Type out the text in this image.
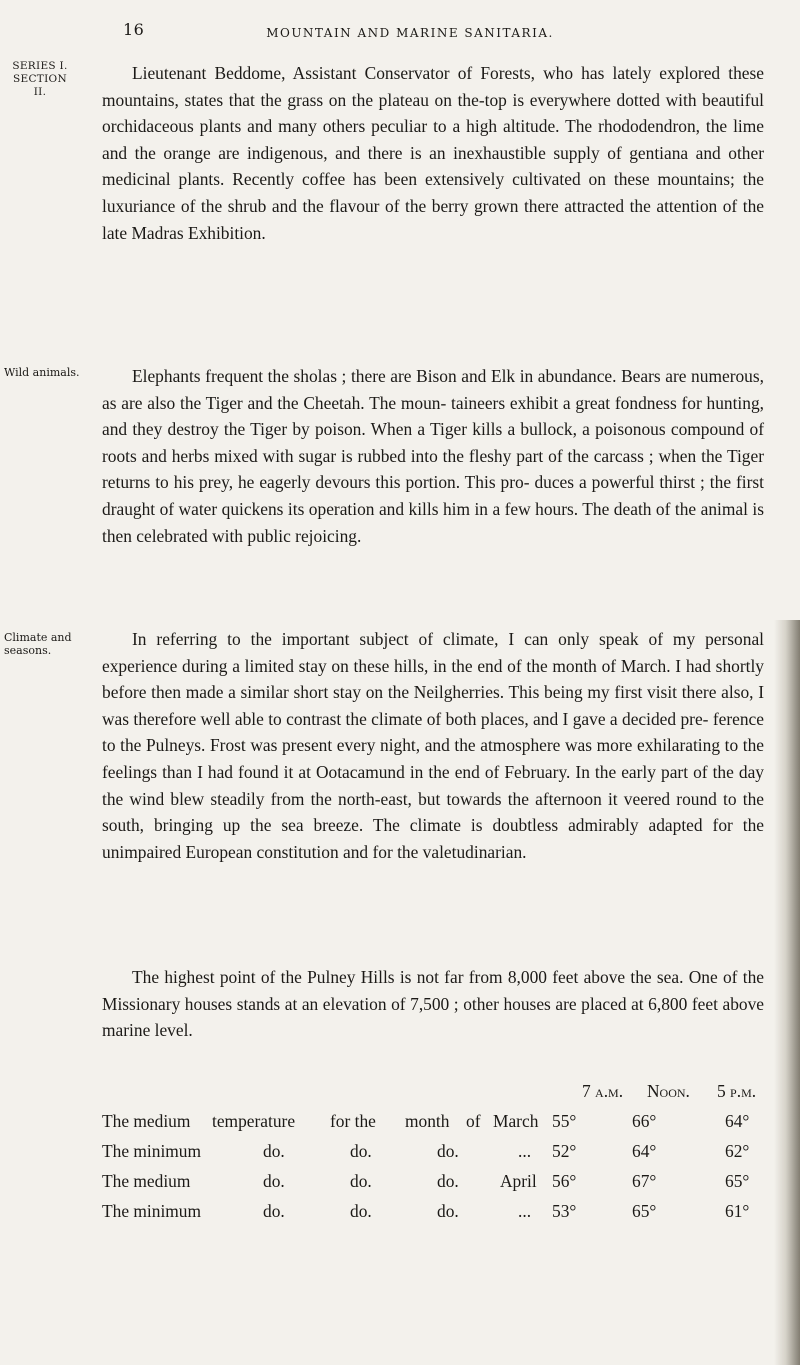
16	MOUNTAIN AND MARINE SANITARIA.
SERIES I.
SECTION II.
Wild animals.
Climate and seasons.

Lieutenant Beddome, Assistant Conservator of Forests, who has lately explored these mountains, states that the grass on the plateau on the-top is everywhere dotted with beautiful orchidaceous plants and many others peculiar to a high altitude. The rhododendron, the lime and the orange are indigenous, and there is an inexhaustible supply of gentiana and other medicinal plants. Recently coffee has been extensively cultivated on these mountains; the luxuriance of the shrub and the flavour of the berry grown there attracted the attention of the late Madras Exhibition.

Elephants frequent the sholas ; there are Bison and Elk in abundance. Bears are numerous, as are also the Tiger and the Cheetah. The moun- taineers exhibit a great fondness for hunting, and they destroy the Tiger by poison. When a Tiger kills a bullock, a poisonous compound of roots and herbs mixed with sugar is rubbed into the fleshy part of the carcass ; when the Tiger returns to his prey, he eagerly devours this portion. This pro- duces a powerful thirst ; the first draught of water quickens its operation and kills him in a few hours. The death of the animal is then celebrated with public rejoicing.

In referring to the important subject of climate, I can only speak of my personal experience during a limited stay on these hills, in the end of the month of March. I had shortly before then made a similar short stay on the Neilgherries. This being my first visit there also, I was therefore well able to contrast the climate of both places, and I gave a decided pre- ference to the Pulneys. Frost was present every night, and the atmosphere was more exhilarating to the feelings than I had found it at Ootacamund in the end of February. In the early part of the day the wind blew steadily from the north-east, but towards the afternoon it veered round to the south, bringing up the sea breeze. The climate is doubtless admirably adapted for the unimpaired European constitution and for the valetudinarian.

The highest point of the Pulney Hills is not far from 8,000 feet above the sea. One of the Missionary houses stands at an elevation of 7,500 ; other houses are placed at 6,800 feet above marine level.

7 a.m. Noon. 5 p.m.
The medium temperature for the month of March 55°	66°	64°
The minimum	do.	do.	do.	... 52°	64°	62°
The medium	do.	do.	do. April 56°	67°	65°
The minimum	do.	do.	do.	... 53°	65°	61°
